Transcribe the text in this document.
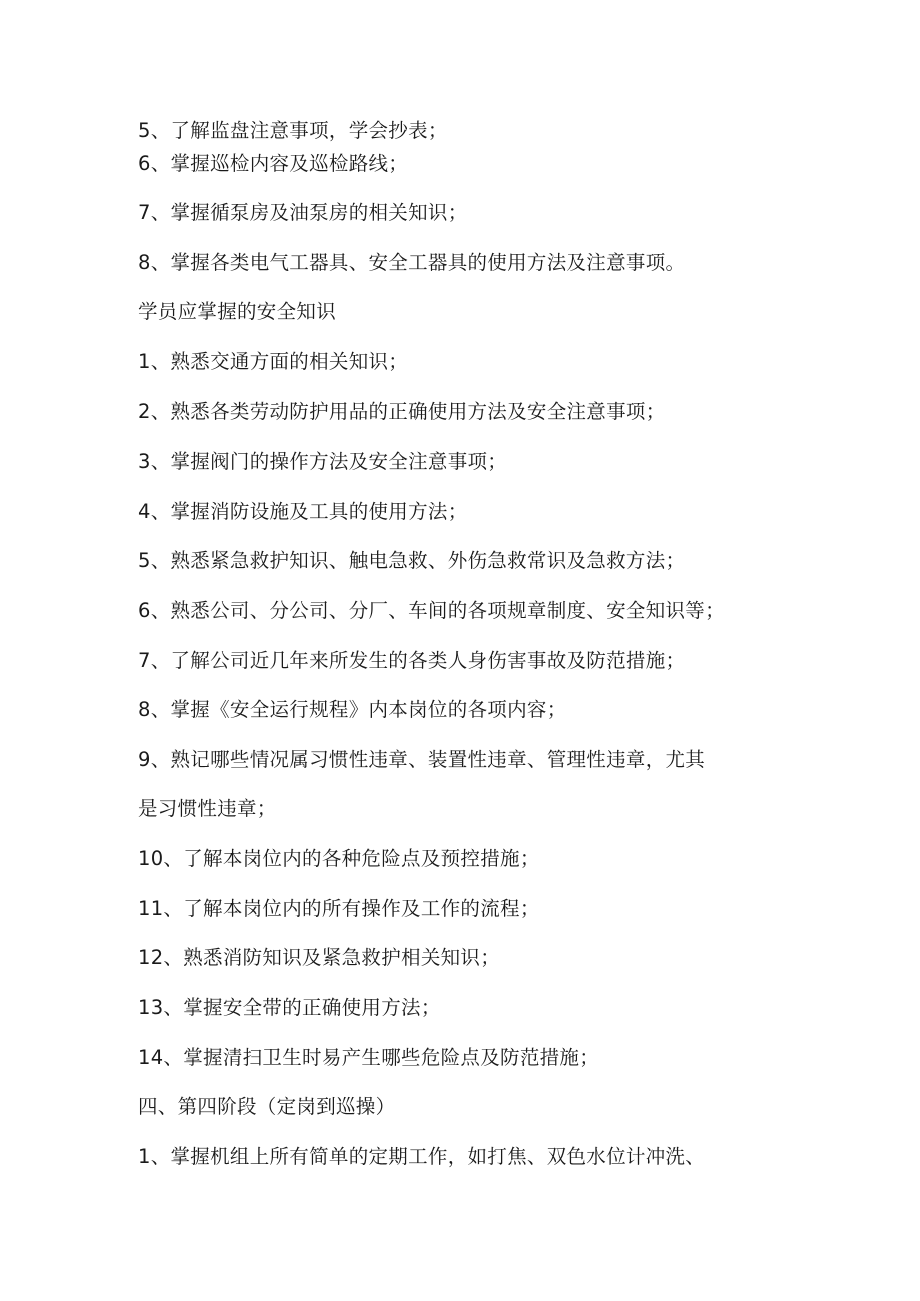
5、了解监盘注意事项，学会抄表；
6、掌握巡检内容及巡检路线；
7、掌握循泵房及油泵房的相关知识；
8、掌握各类电气工器具、安全工器具的使用方法及注意事项。
学员应掌握的安全知识
1、熟悉交通方面的相关知识；
2、熟悉各类劳动防护用品的正确使用方法及安全注意事项；
3、掌握阀门的操作方法及安全注意事项；
4、掌握消防设施及工具的使用方法；
5、熟悉紧急救护知识、触电急救、外伤急救常识及急救方法；
6、熟悉公司、分公司、分厂、车间的各项规章制度、安全知识等；
7、了解公司近几年来所发生的各类人身伤害事故及防范措施；
8、掌握《安全运行规程》内本岗位的各项内容；
9、熟记哪些情况属习惯性违章、装置性违章、管理性违章，尤其
是习惯性违章；
10、了解本岗位内的各种危险点及预控措施；
11、了解本岗位内的所有操作及工作的流程；
12、熟悉消防知识及紧急救护相关知识；
13、掌握安全带的正确使用方法；
14、掌握清扫卫生时易产生哪些危险点及防范措施；
四、第四阶段（定岗到巡操）
1、掌握机组上所有简单的定期工作，如打焦、双色水位计冲洗、
